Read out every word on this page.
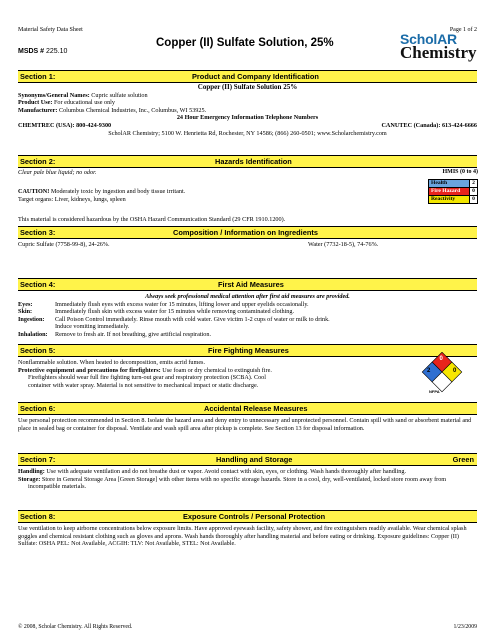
Material Safety Data Sheet	Page 1 of 2
MSDS # 225.10
Copper (II) Sulfate Solution, 25%	ScholAR
Chemistry
Section 1:	Product and Company Identification
Copper (II) Sulfate Solution 25%
Synonyms/General Names: Cupric sulfate solution
Product Use: For educational use only
Manufacturer: Columbus Chemical Industries, Inc., Columbus, WI 53925.
24 Hour Emergency Information Telephone Numbers
CHEMTREC (USA): 800-424-9300	CANUTEC (Canada): 613-424-6666
ScholAR Chemistry; 5100 W. Henrietta Rd, Rochester, NY 14586; (866) 260-0501; www.Scholarchemistry.com
Section 2:	Hazards Identification
Clear pale blue liquid; no odor.
CAUTION! Moderately toxic by ingestion and body tissue irritant.
Target organs: Liver, kidneys, lungs, spleen
This material is considered hazardous by the OSHA Hazard Communication Standard (29 CFR 1910.1200).
HMIS (0 to 4)
Health	2
Fire Hazard	0
Reactivity	0
Section 3:	Composition / Information on Ingredients
Cupric Sulfate (7758-99-8), 24-26%.	Water (7732-18-5), 74-76%.
Section 4:	First Aid Measures
Always seek professional medical attention after first aid measures are provided.
Eyes:	Immediately flush eyes with excess water for 15 minutes, lifting lower and upper eyelids occasionally.
Skin:	Immediately flush skin with excess water for 15 minutes while removing contaminated clothing.
Ingestion:	Call Poison Control immediately. Rinse mouth with cold water. Give victim 1-2 cups of water or milk to drink.
Induce vomiting immediately.
Inhalation:	Remove to fresh air. If not breathing, give artificial respiration.
Section 5:	Fire Fighting Measures
Nonflammable solution. When heated to decomposition, emits acrid fumes.
Protective equipment and precautions for firefighters: Use foam or dry chemical to extinguish fire.
Firefighters should wear full fire fighting turn-out gear and respiratory protection (SCBA). Cool
container with water spray. Material is not sensitive to mechanical impact or static discharge.
2
0
0
NFPA
Section 6:	Accidental Release Measures
Use personal protection recommended in Section 8. Isolate the hazard area and deny entry to unnecessary and unprotected personnel. Contain spill with sand or absorbent material and place in sealed bag or container for disposal. Ventilate and wash spill area after pickup is complete. See Section 13 for disposal information.
Section 7:	Handling and Storage	Green
Handling: Use with adequate ventilation and do not breathe dust or vapor. Avoid contact with skin, eyes, or clothing. Wash hands thoroughly after handling.
Storage: Store in General Storage Area [Green Storage] with other items with no specific storage hazards. Store in a cool, dry, well-ventilated, locked store room away from incompatible materials.
Section 8:	Exposure Controls / Personal Protection
Use ventilation to keep airborne concentrations below exposure limits. Have approved eyewash facility, safety shower, and fire extinguishers readily available. Wear chemical splash goggles and chemical resistant clothing such as gloves and aprons. Wash hands thoroughly after handling material and before eating or drinking. Exposure guidelines: Copper (II) Sulfate: OSHA PEL: Not Available, ACGIH: TLV: Not Available, STEL: Not Available.
© 2008, Scholar Chemistry. All Rights Reserved.	1/23/2009
